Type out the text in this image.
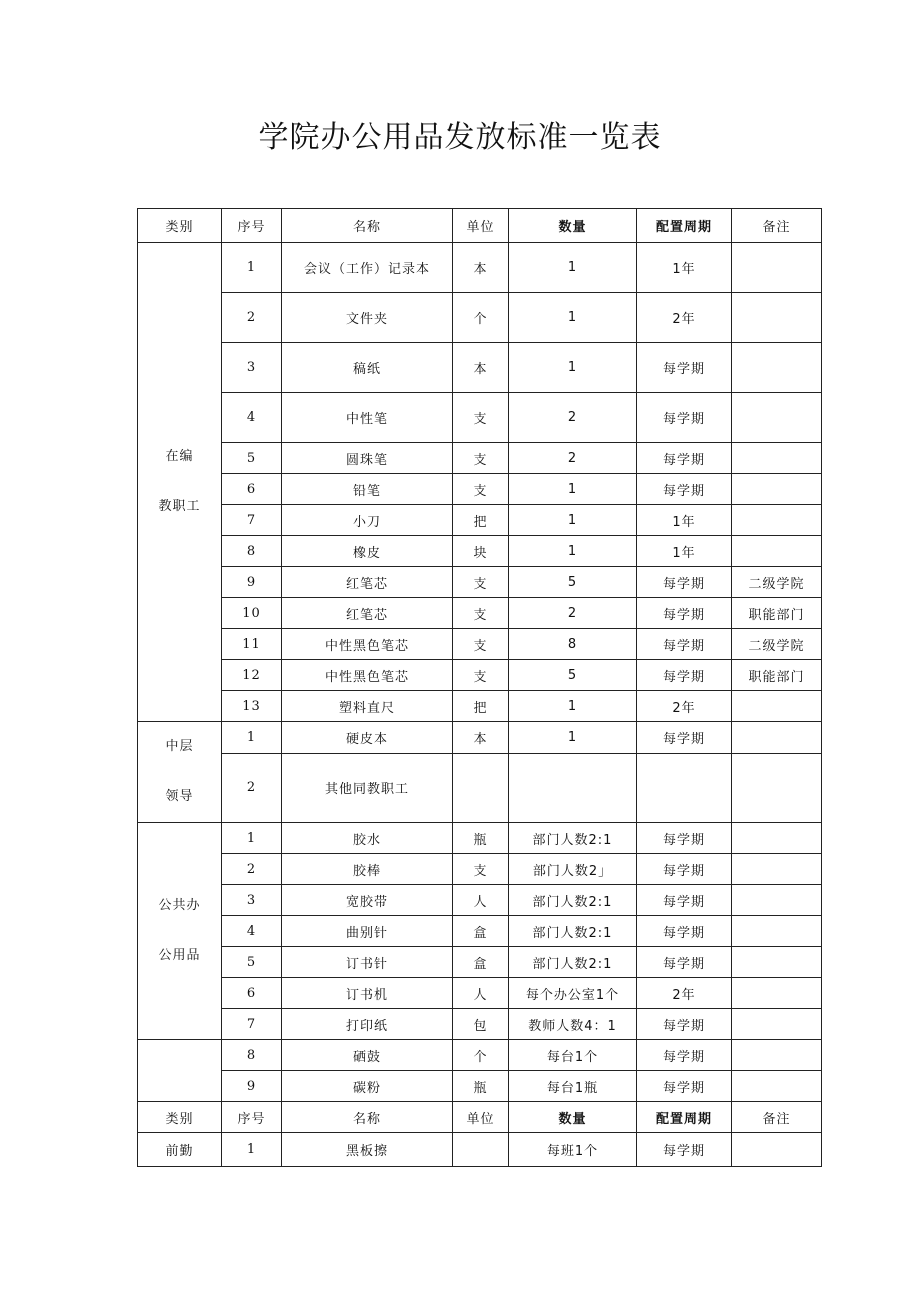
学院办公用品发放标准一览表
类别	序号	名称	单位	数量	配置周期	备注

在编
教职工	1	会议（工作）记录本	本	1	1年	
	2	文件夹	个	1	2年	
	3	稿纸	本	1	每学期	
	4	中性笔	支	2	每学期	
	5	圆珠笔	支	2	每学期	
	6	铅笔	支	1	每学期	
	7	小刀	把	1	1年	
	8	橡皮	块	1	1年	
	9	红笔芯	支	5	每学期	二级学院
	10	红笔芯	支	2	每学期	职能部门
	11	中性黑色笔芯	支	8	每学期	二级学院
	12	中性黑色笔芯	支	5	每学期	职能部门
	13	塑料直尺	把	1	2年	

中层
领导	1	硬皮本	本	1	每学期	
	2	其他同教职工				

公共办
公用品	1	胶水	瓶	部门人数2:1	每学期	
	2	胶棒	支	部门人数2」	每学期	
	3	宽胶带	人	部门人数2:1	每学期	
	4	曲别针	盒	部门人数2:1	每学期	
	5	订书针	盒	部门人数2:1	每学期	
	6	订书机	人	每个办公室1个	2年	
	7	打印纸	包	教师人数4：1	每学期	
	8	硒鼓	个	每台1个	每学期	
	9	碳粉	瓶	每台1瓶	每学期	
类别	序号	名称	单位	数量	配置周期	备注

前勤	1	黑板擦		每班1个	每学期	
